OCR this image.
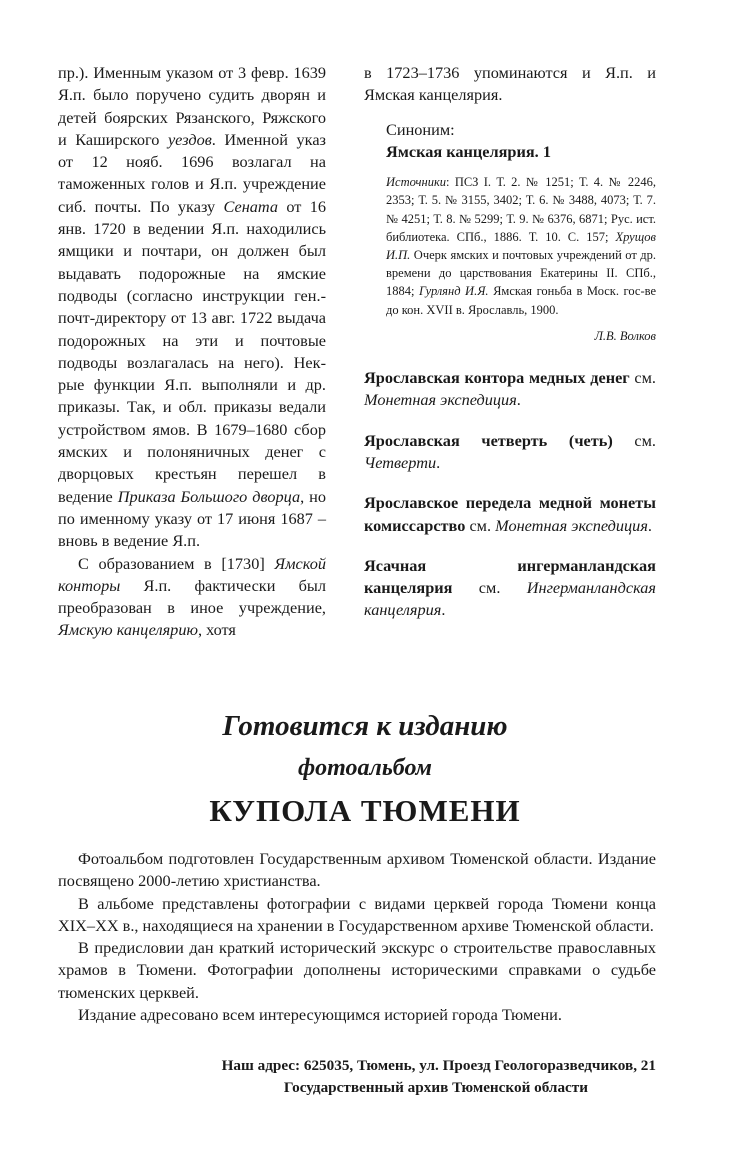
пр.). Именным указом от 3 февр. 1639 Я.п. было поручено судить дворян и детей боярских Рязанского, Ряжского и Каширского уездов. Именной указ от 12 нояб. 1696 возлагал на таможенных голов и Я.п. учреждение сиб. почты. По указу Сената от 16 янв. 1720 в ведении Я.п. находились ямщики и почтари, он должен был выдавать подорожные на ямские подводы (согласно инструкции ген.-почт-директору от 13 авг. 1722 выдача подорожных на эти и почтовые подводы возлагалась на него). Нек-рые функции Я.п. выполняли и др. приказы. Так, и обл. приказы ведали устройством ямов. В 1679–1680 сбор ямских и полоняничных денег с дворцовых крестьян перешел в ведение Приказа Большого дворца, но по именному указу от 17 июня 1687 – вновь в ведение Я.п.

С образованием в [1730] Ямской конторы Я.п. фактически был преобразован в иное учреждение, Ямскую канцелярию, хотя

в 1723–1736 упоминаются и Я.п. и Ямская канцелярия.

Синоним:

Ямская канцелярия. 1

Источники: ПСЗ I. Т. 2. № 1251; Т. 4. № 2246, 2353; Т. 5. № 3155, 3402; Т. 6. № 3488, 4073; Т. 7. № 4251; Т. 8. № 5299; Т. 9. № 6376, 6871; Рус. ист. библиотека. СПб., 1886. Т. 10. С. 157; Хрущов И.П. Очерк ямских и почтовых учреждений от др. времени до царствования Екатерины II. СПб., 1884; Гурлянд И.Я. Ямская гоньба в Моск. гос-ве до кон. XVII в. Ярославль, 1900.

Л.В. Волков

Ярославская контора медных денег см. Монетная экспедиция.

Ярославская четверть (четь) см. Четверти.

Ярославское передела медной монеты комиссарство см. Монетная экспедиция.

Ясачная ингерманландская канцелярия см. Ингерманландская канцелярия.

Готовится к изданию

фотоальбом

КУПОЛА ТЮМЕНИ

Фотоальбом подготовлен Государственным архивом Тюменской области. Издание посвящено 2000-летию христианства.

В альбоме представлены фотографии с видами церквей города Тюмени конца XIX–XX в., находящиеся на хранении в Государственном архиве Тюменской области.

В предисловии дан краткий исторический экскурс о строительстве православных храмов в Тюмени. Фотографии дополнены историческими справками о судьбе тюменских церквей.

Издание адресовано всем интересующимся историей города Тюмени.

Наш адрес: 625035, Тюмень, ул. Проезд Геологоразведчиков, 21

Государственный архив Тюменской области
